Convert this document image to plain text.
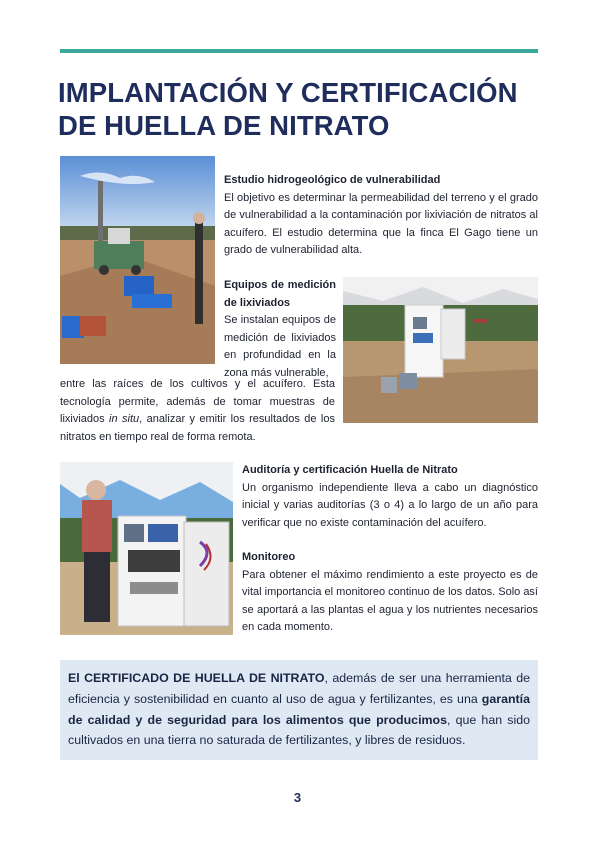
IMPLANTACIÓN Y CERTIFICACIÓN DE HUELLA DE NITRATO
Estudio hidrogeológico de vulnerabilidad
El objetivo es determinar la permeabilidad del terreno y el grado de vulnerabilidad a la contaminación por lixiviación de nitratos al acuífero. El estudio determina que la finca El Gago tiene un grado de vulnerabilidad alta.
Equipos de medición de lixiviados
Se instalan equipos de medición de lixiviados en profundidad en la zona más vulnerable,
entre las raíces de los cultivos y el acuífero. Esta tecnología permite, además de tomar muestras de lixiviados in situ, analizar y emitir los resultados de los nitratos en tiempo real de forma remota.
Auditoría y certificación Huella de Nitrato
Un organismo independiente lleva a cabo un diagnóstico inicial y varias auditorías (3 o 4) a lo largo de un año para verificar que no existe contaminación del acuífero.
Monitoreo
Para obtener el máximo rendimiento a este proyecto es de vital importancia el monitoreo continuo de los datos. Solo así se aportará a las plantas el agua y los nutrientes necesarios en cada momento.

El CERTIFICADO DE HUELLA DE NITRATO, además de ser una herramienta de eficiencia y sostenibilidad en cuanto al uso de agua y fertilizantes, es una garantía de calidad y de seguridad para los alimentos que producimos, que han sido cultivados en una tierra no saturada de fertilizantes, y libres de residuos.

3
